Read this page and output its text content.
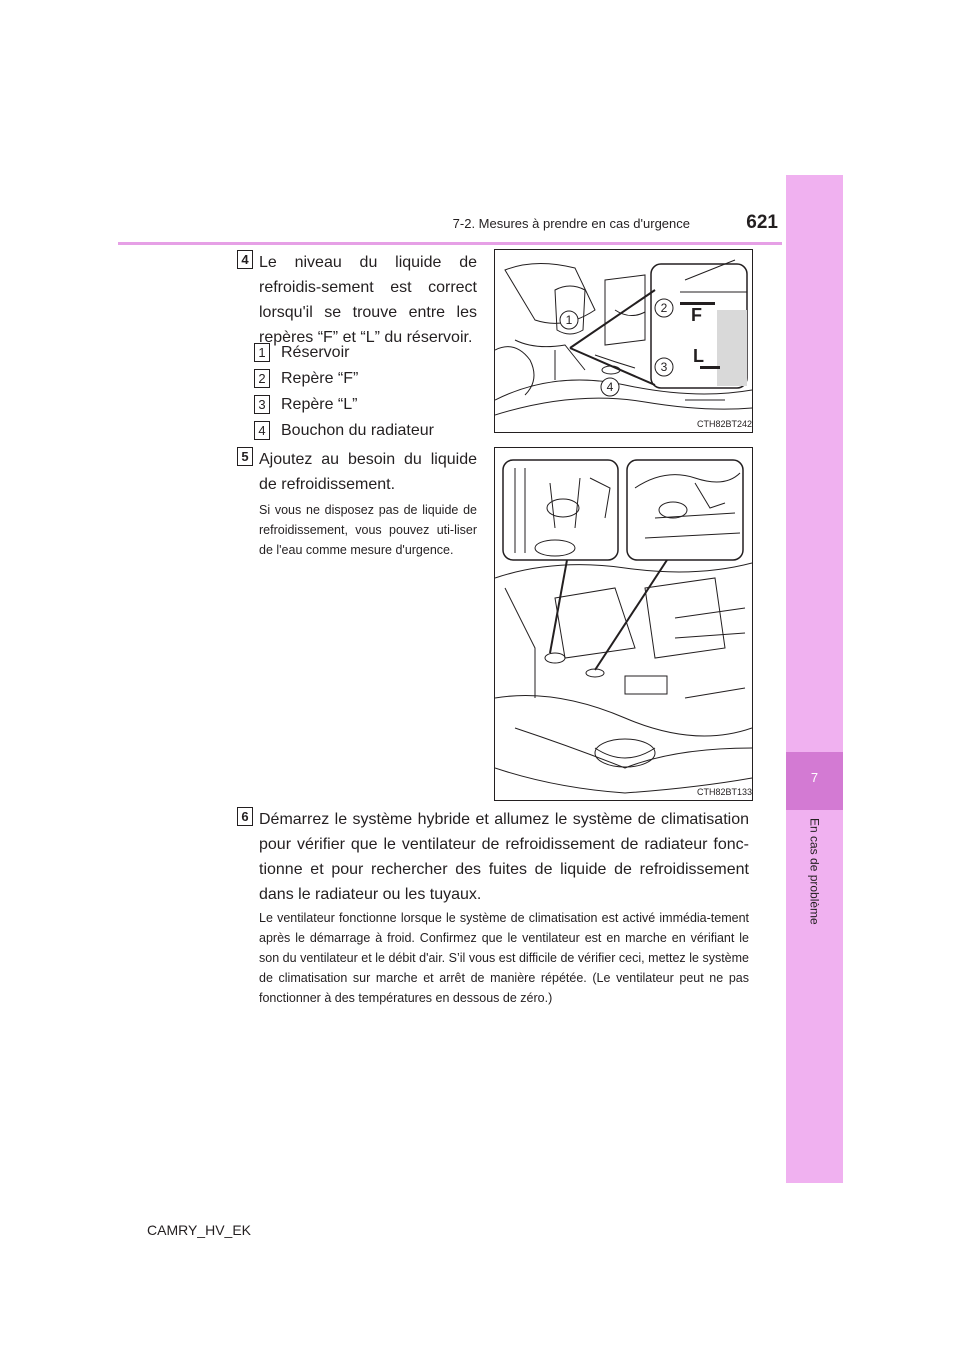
7-2. Mesures à prendre en cas d'urgence	621
7
En cas de problème
4 Le niveau du liquide de refroidis-sement est correct lorsqu'il se trouve entre les repères “F” et “L” du réservoir.
1 Réservoir
2 Repère “F”
3 Repère “L”
4 Bouchon du radiateur
F
L
1
2
3
4
CTH82BT242
5 Ajoutez au besoin du liquide de refroidissement.
Si vous ne disposez pas de liquide de refroidissement, vous pouvez uti-liser de l'eau comme mesure d'urgence.
CTH82BT133
6 Démarrez le système hybride et allumez le système de climatisation pour vérifier que le ventilateur de refroidissement de radiateur fonc-tionne et pour rechercher des fuites de liquide de refroidissement dans le radiateur ou les tuyaux.
Le ventilateur fonctionne lorsque le système de climatisation est activé immédia-tement après le démarrage à froid. Confirmez que le ventilateur est en marche en vérifiant le son du ventilateur et le débit d'air. S’il vous est difficile de vérifier ceci, mettez le système de climatisation sur marche et arrêt de manière répétée. (Le ventilateur peut ne pas fonctionner à des températures en dessous de zéro.)
CAMRY_HV_EK
